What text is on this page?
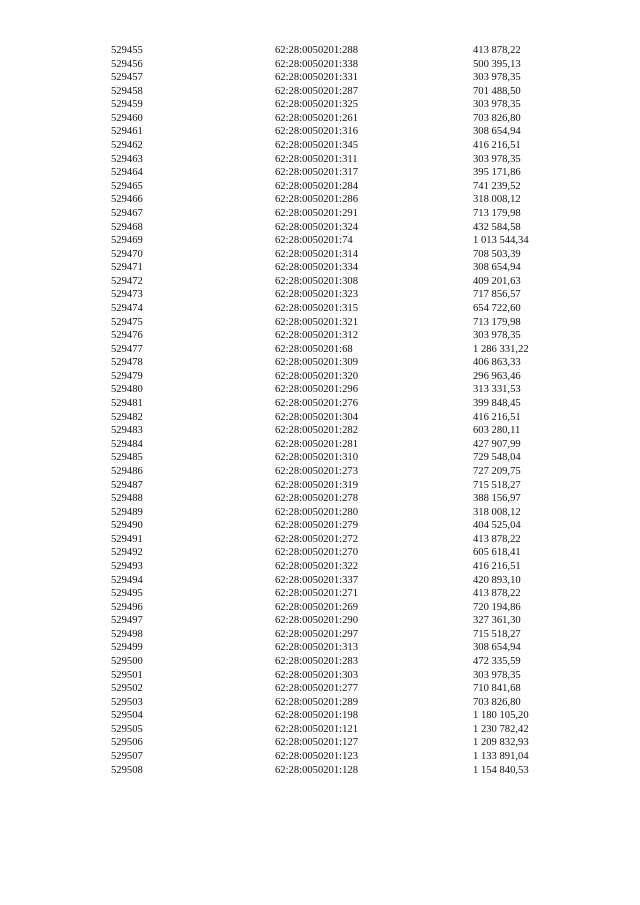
529455	62:28:0050201:288	413 878,22
529456	62:28:0050201:338	500 395,13
529457	62:28:0050201:331	303 978,35
529458	62:28:0050201:287	701 488,50
529459	62:28:0050201:325	303 978,35
529460	62:28:0050201:261	703 826,80
529461	62:28:0050201:316	308 654,94
529462	62:28:0050201:345	416 216,51
529463	62:28:0050201:311	303 978,35
529464	62:28:0050201:317	395 171,86
529465	62:28:0050201:284	741 239,52
529466	62:28:0050201:286	318 008,12
529467	62:28:0050201:291	713 179,98
529468	62:28:0050201:324	432 584,58
529469	62:28:0050201:74	1 013 544,34
529470	62:28:0050201:314	708 503,39
529471	62:28:0050201:334	308 654,94
529472	62:28:0050201:308	409 201,63
529473	62:28:0050201:323	717 856,57
529474	62:28:0050201:315	654 722,60
529475	62:28:0050201:321	713 179,98
529476	62:28:0050201:312	303 978,35
529477	62:28:0050201:68	1 286 331,22
529478	62:28:0050201:309	406 863,33
529479	62:28:0050201:320	296 963,46
529480	62:28:0050201:296	313 331,53
529481	62:28:0050201:276	399 848,45
529482	62:28:0050201:304	416 216,51
529483	62:28:0050201:282	603 280,11
529484	62:28:0050201:281	427 907,99
529485	62:28:0050201:310	729 548,04
529486	62:28:0050201:273	727 209,75
529487	62:28:0050201:319	715 518,27
529488	62:28:0050201:278	388 156,97
529489	62:28:0050201:280	318 008,12
529490	62:28:0050201:279	404 525,04
529491	62:28:0050201:272	413 878,22
529492	62:28:0050201:270	605 618,41
529493	62:28:0050201:322	416 216,51
529494	62:28:0050201:337	420 893,10
529495	62:28:0050201:271	413 878,22
529496	62:28:0050201:269	720 194,86
529497	62:28:0050201:290	327 361,30
529498	62:28:0050201:297	715 518,27
529499	62:28:0050201:313	308 654,94
529500	62:28:0050201:283	472 335,59
529501	62:28:0050201:303	303 978,35
529502	62:28:0050201:277	710 841,68
529503	62:28:0050201:289	703 826,80
529504	62:28:0050201:198	1 180 105,20
529505	62:28:0050201:121	1 230 782,42
529506	62:28:0050201:127	1 209 832,93
529507	62:28:0050201:123	1 133 891,04
529508	62:28:0050201:128	1 154 840,53
